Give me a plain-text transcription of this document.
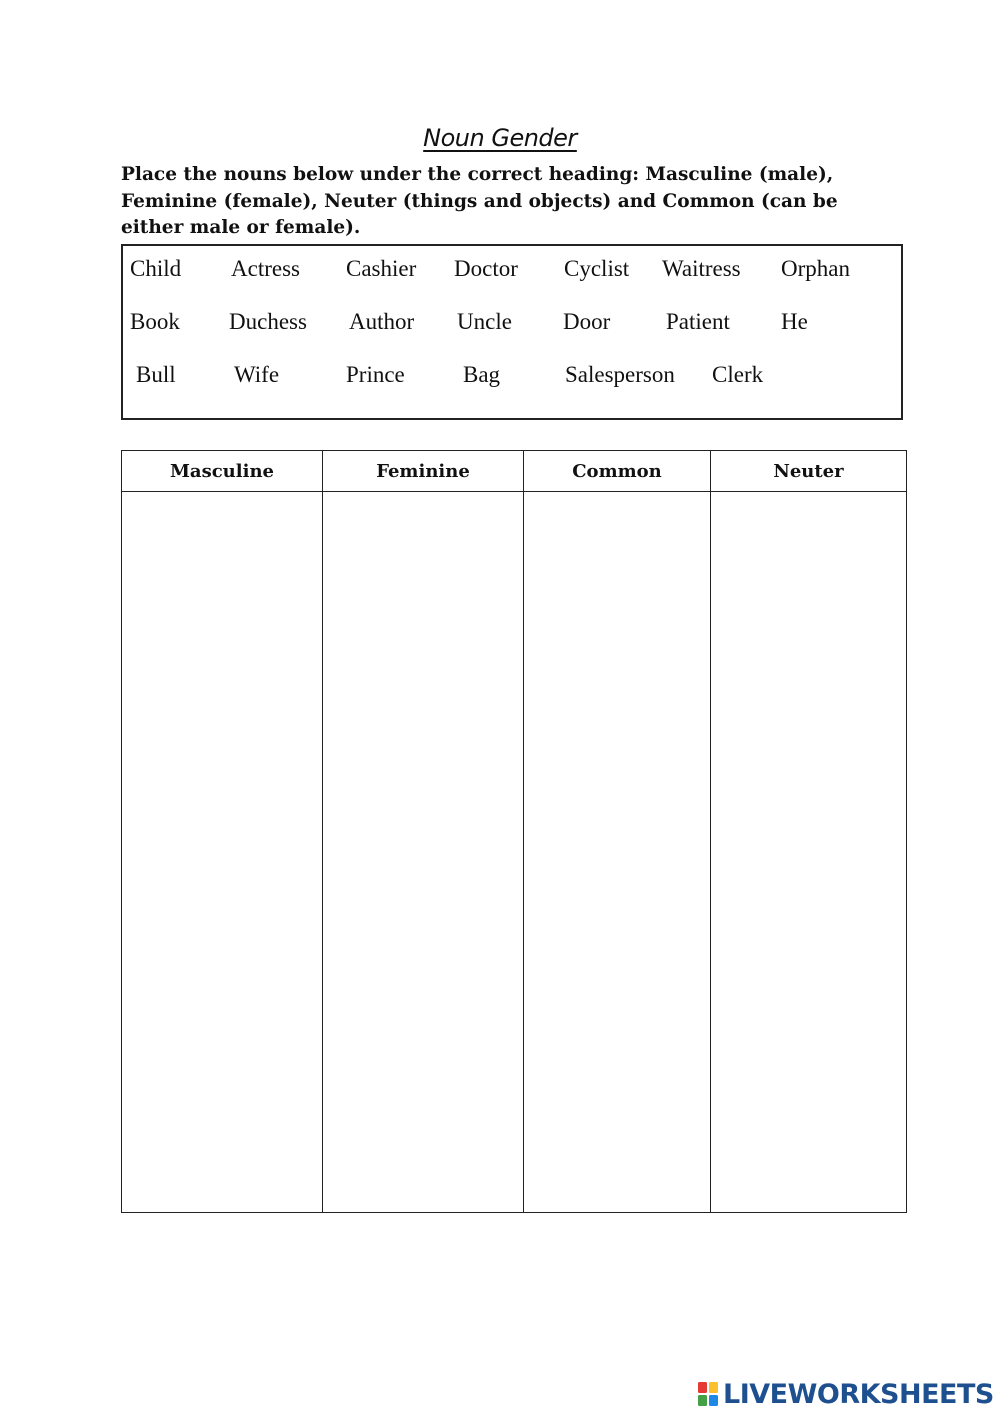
Noun Gender
Place the nouns below under the correct heading: Masculine (male),
Feminine (female), Neuter (things and objects) and Common (can be
either male or female).
Child Actress Cashier Doctor Cyclist Waitress Orphan
Book Duchess Author Uncle Door Patient He
Bull	Wife	Prince	Bag	Salesperson Clerk
Masculine	Feminine	Common	Neuter

LIVEWORKSHEETS
